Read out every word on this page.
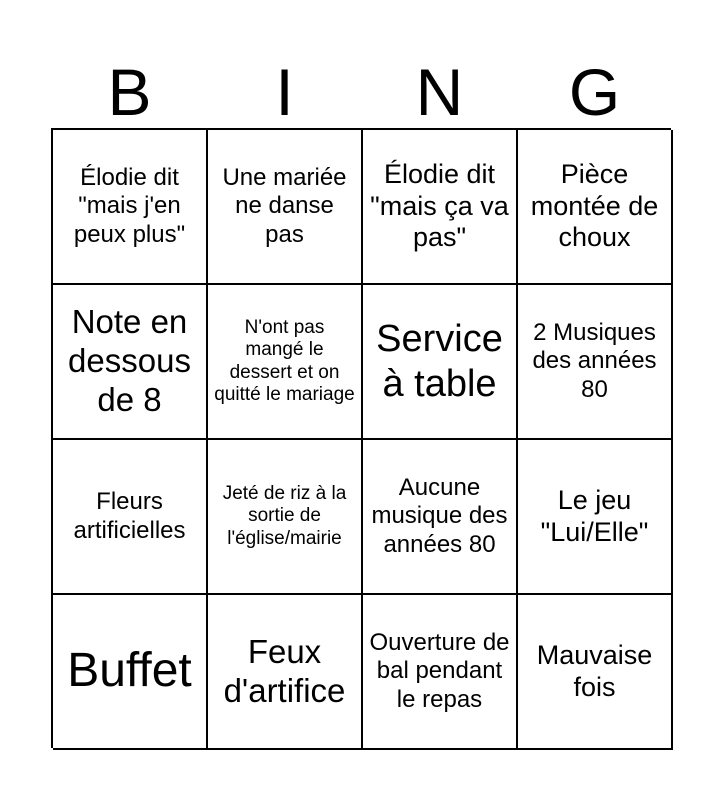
B	I	N	G
Élodie dit "mais j'en peux plus"
Une mariée ne danse pas
Élodie dit "mais ça va pas"
Pièce montée de choux
Note en dessous de 8
N'ont pas mangé le dessert et on quitté le mariage
Service à table
2 Musiques des années 80
Fleurs artificielles
Jeté de riz à la sortie de l'église/mairie
Aucune musique des années 80
Le jeu "Lui/Elle"
Buffet	Feux d'artifice
Ouverture de bal pendant le repas
Mauvaise fois
